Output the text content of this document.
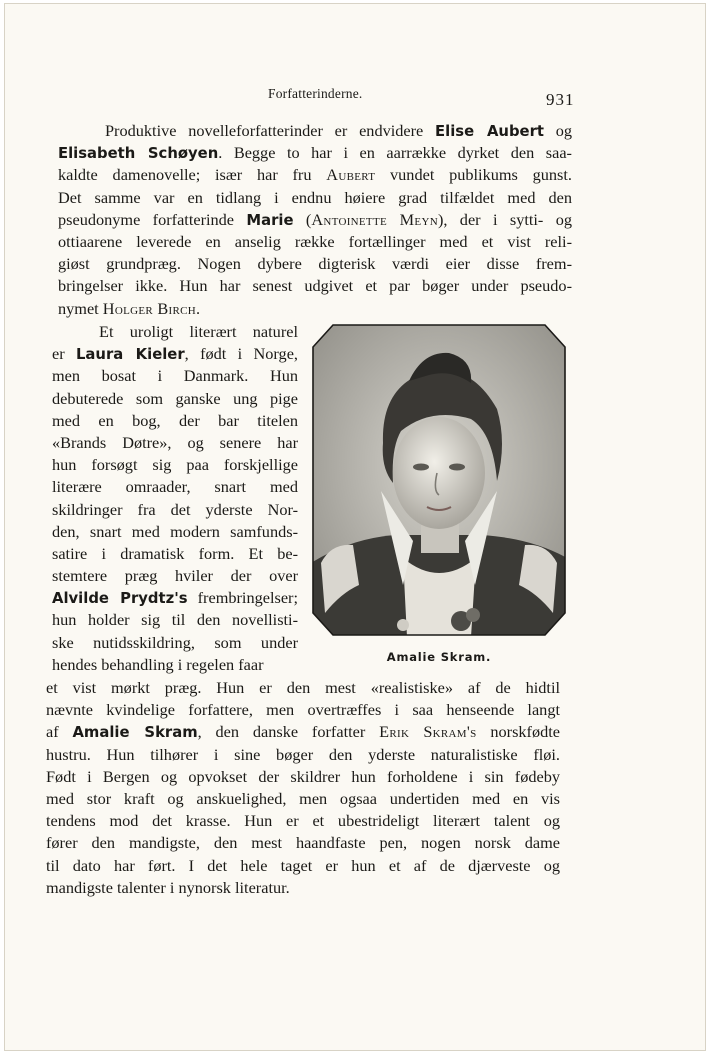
Forfatterinderne.	931
Produktive novelleforfatterinder er endvidere Elise Aubert og
Elisabeth Schøyen. Begge to har i en aarrække dyrket den saa-
kaldte damenovelle; især har fru Aubert vundet publikums gunst.
Det samme var en tidlang i endnu høiere grad tilfældet med den
pseudonyme forfatterinde Marie (Antoinette Meyn), der i sytti- og
ottiaarene leverede en anselig række fortællinger med et vist reli-
giøst grundpræg. Nogen dybere digterisk værdi eier disse frem-
bringelser ikke. Hun har senest udgivet et par bøger under pseudo-
nymet Holger Birch.
Et uroligt literært naturel
er Laura Kieler, født i Norge,
men bosat i Danmark. Hun
debuterede som ganske ung pige
med en bog, der bar titelen
«Brands Døtre», og senere har
hun forsøgt sig paa forskjellige
literære omraader, snart med
skildringer fra det yderste Nor-
den, snart med modern samfunds-
satire i dramatisk form. Et be-
stemtere præg hviler der over
Alvilde Prydtz's frembringelser;
hun holder sig til den novellisti-
ske nutidsskildring, som under
hendes behandling i regelen faar
et vist mørkt præg. Hun er den mest «realistiske» af de hidtil
nævnte kvindelige forfattere, men overtræffes i saa henseende langt
af Amalie Skram, den danske forfatter Erik Skram's norskfødte
hustru. Hun tilhører i sine bøger den yderste naturalistiske fløi.
Født i Bergen og opvokset der skildrer hun forholdene i sin fødeby
med stor kraft og anskuelighed, men ogsaa undertiden med en vis
tendens mod det krasse. Hun er et ubestrideligt literært talent og
fører den mandigste, den mest haandfaste pen, nogen norsk dame
til dato har ført. I det hele taget er hun et af de djærveste og
mandigste talenter i nynorsk literatur.
Amalie Skram.
